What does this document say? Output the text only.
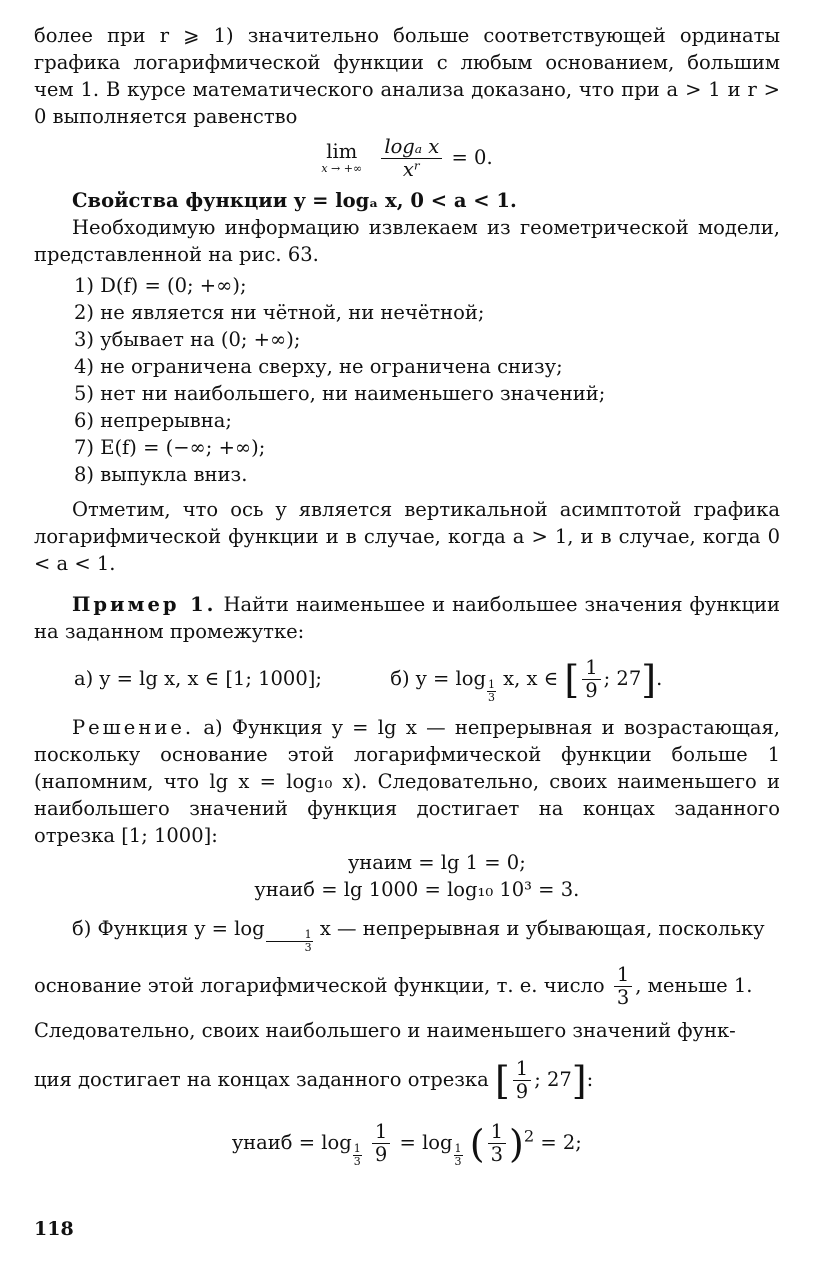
более при r ⩾ 1) значительно больше соответствующей ординаты графика логарифмической функции с любым основанием, большим чем 1. В курсе математического анализа доказано, что при a > 1 и r > 0 выполняется равенство

lim
x → +∞
$\frac{\text{logₐ x}}{\text{xʳ}} = 0$.

Свойства функции y = logₐ x, 0 < a < 1.

Необходимую информацию извлекаем из геометрической модели, представленной на рис. 63.

1) D(f) = (0; +∞);
2) не является ни чётной, ни нечётной;
3) убывает на (0; +∞);
4) не ограничена сверху, не ограничена снизу;
5) нет ни наибольшего, ни наименьшего значений;
6) непрерывна;
7) E(f) = (−∞; +∞);
8) выпукла вниз.

Отметим, что ось y является вертикальной асимптотой графика логарифмической функции и в случае, когда a > 1, и в случае, когда 0 < a < 1.

Пример 1. Найти наименьшее и наибольшее значения функции на заданном промежутке:

а) y = lg x, x ∈ [1; 1000];	б) y = log
$\frac{1}{3}$
x, x ∈ [ $\frac{1}{9}$ ; 27].

Решение. а) Функция y = lg x — непрерывная и возрастающая, поскольку основание этой логарифмической функции больше 1 (напомним, что lg x = log₁₀ x). Следовательно, своих наименьшего и наибольшего значений функция достигает на концах заданного отрезка [1; 1000]:

yнаим = lg 1 = 0;

yнаиб = lg 1000 = log₁₀ 10³ = 3.

б) Функция y = log
$\frac{1}{3}$
x — непрерывная и убывающая, поскольку

основание этой логарифмической функции, т. е. число $\frac{1}{3}$ , меньше 1.

Следовательно, своих наибольшего и наименьшего значений функ-

ция достигает на концах заданного отрезка [ $\frac{1}{9}$ ; 27]:

yнаиб = log
$\frac{1}{3}$
$\frac{1}{9} = \log$
$\frac{1}{3}$ ( $\frac{1}{3} )^2 = 2$;

118
